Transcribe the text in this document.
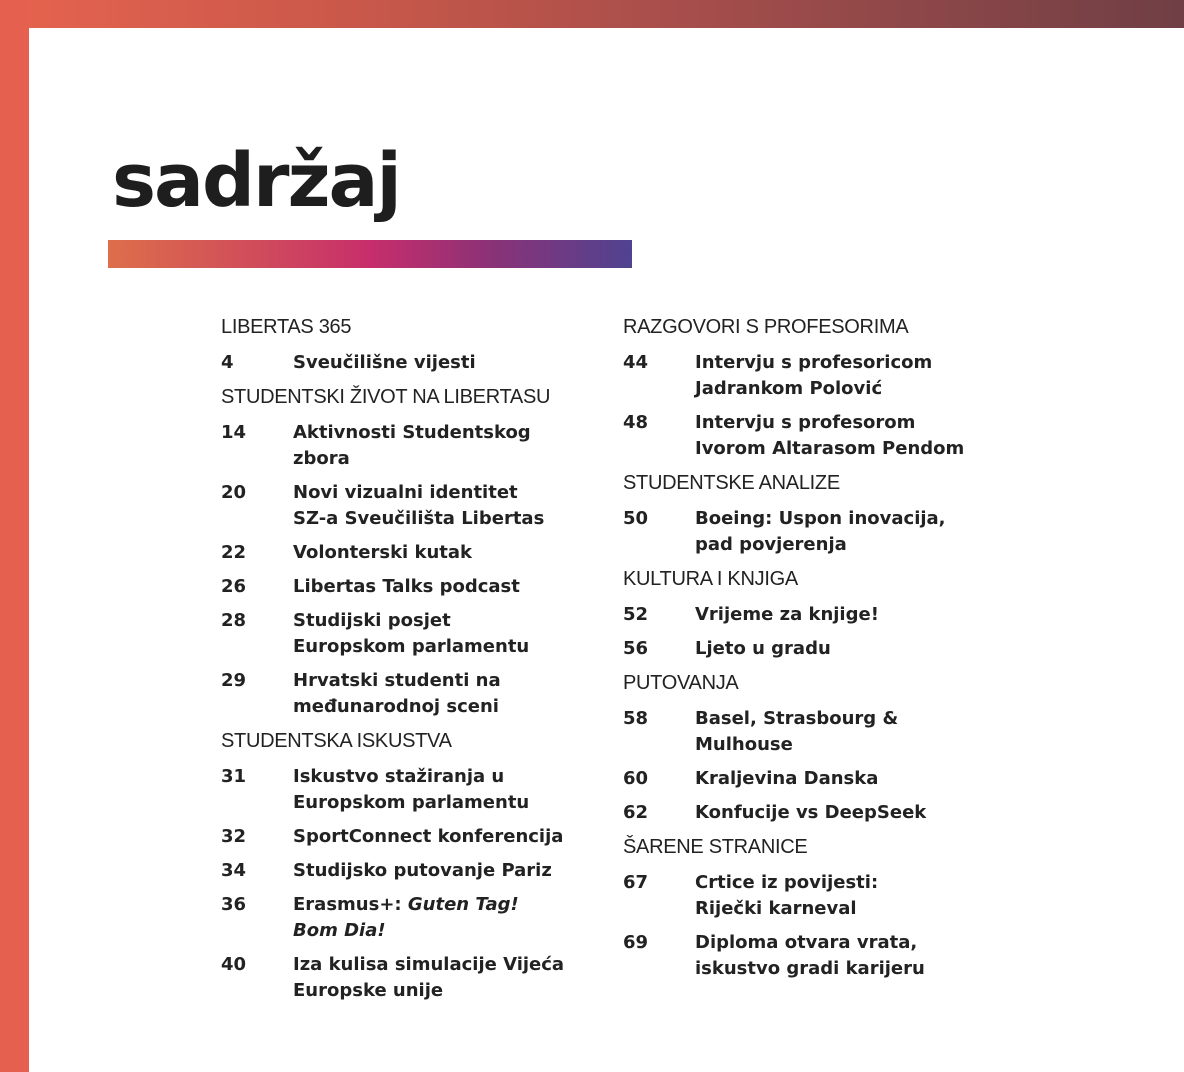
sadržaj
LIBERTAS 365
4	Sveučilišne vijesti
STUDENTSKI ŽIVOT NA LIBERTASU
14	Aktivnosti Studentskog
zbora
20	Novi vizualni identitet
SZ-a Sveučilišta Libertas
22	Volonterski kutak
26	Libertas Talks podcast
28	Studijski posjet
Europskom parlamentu
29	Hrvatski studenti na
međunarodnoj sceni
STUDENTSKA ISKUSTVA
31	Iskustvo stažiranja u
Europskom parlamentu
32	SportConnect konferencija
34	Studijsko putovanje Pariz
36	Erasmus+: Guten Tag!
Bom Dia!
40	Iza kulisa simulacije Vijeća
Europske unije
RAZGOVORI S PROFESORIMA
44	Intervju s profesoricom
Jadrankom Polović
48	Intervju s profesorom
Ivorom Altarasom Pendom
STUDENTSKE ANALIZE
50	Boeing: Uspon inovacija,
pad povjerenja
KULTURA I KNJIGA
52	Vrijeme za knjige!
56	Ljeto u gradu
PUTOVANJA
58	Basel, Strasbourg &
Mulhouse
60	Kraljevina Danska
62	Konfucije vs DeepSeek
ŠARENE STRANICE
67	Crtice iz povijesti:
Riječki karneval
69	Diploma otvara vrata,
iskustvo gradi karijeru
